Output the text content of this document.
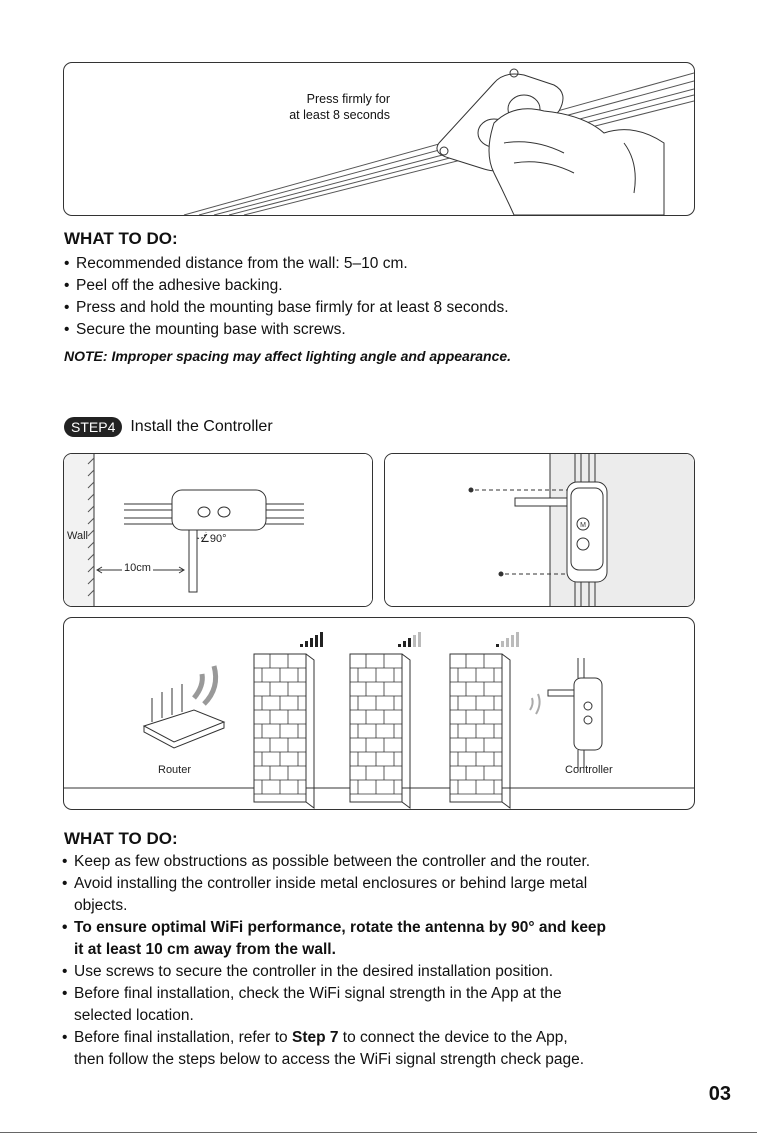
Press firmly for
at least 8 seconds
WHAT TO DO:
• Recommended distance from the wall: 5–10 cm.
• Peel off the adhesive backing.
• Press and hold the mounting base firmly for at least 8 seconds.
• Secure the mounting base with screws.
NOTE: Improper spacing may affect lighting angle and appearance.
STEP4 Install the Controller
Wall
10cm
∠90°
M
Router	Controller
WHAT TO DO:
• Keep as few obstructions as possible between the controller and the router.
• Avoid installing the controller inside metal enclosures or behind large metal
objects.
• To ensure optimal WiFi performance, rotate the antenna by 90° and keep
it at least 10 cm away from the wall.
• Use screws to secure the controller in the desired installation position.
• Before final installation, check the WiFi signal strength in the App at the
selected location.
• Before final installation, refer to Step 7 to connect the device to the App,
then follow the steps below to access the WiFi signal strength check page.
03
